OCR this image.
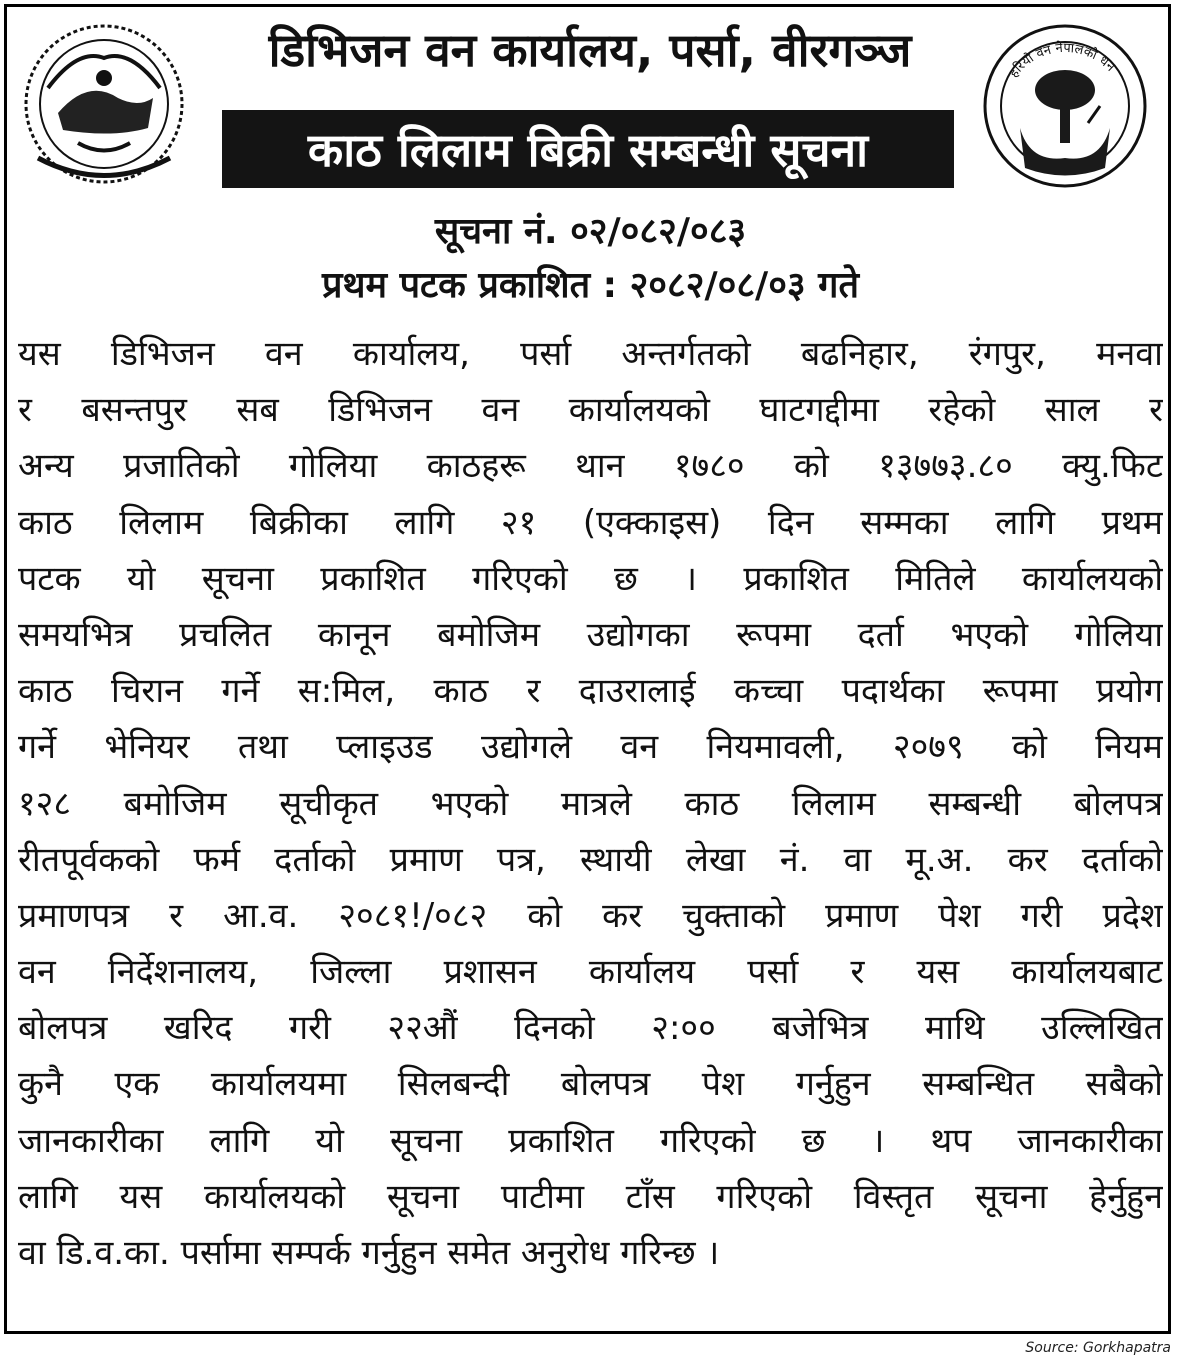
हरियो वन नेपालको धन
डिभिजन वन कार्यालय, पर्सा, वीरगञ्ज
काठ लिलाम बिक्री सम्बन्धी सूचना
सूचना नं. ०२/०८२/०८३
प्रथम पटक प्रकाशित : २०८२/०८/०३ गते
यस डिभिजन वन कार्यालय, पर्सा अन्तर्गतको बढनिहार, रंगपुर, मनवा
र बसन्तपुर सब डिभिजन वन कार्यालयको घाटगद्दीमा रहेको साल र
अन्य प्रजातिको गोलिया काठहरू थान १७८० को १३७७३.८० क्यु.फिट
काठ लिलाम बिक्रीका लागि २१ (एक्काइस) दिन सम्मका लागि प्रथम
पटक यो सूचना प्रकाशित गरिएको छ । प्रकाशित मितिले कार्यालयको
समयभित्र प्रचलित कानून बमोजिम उद्योगका रूपमा दर्ता भएको गोलिया
काठ चिरान गर्ने स:मिल, काठ र दाउरालाई कच्चा पदार्थका रूपमा प्रयोग
गर्ने भेनियर तथा प्लाइउड उद्योगले वन नियमावली, २०७९ को नियम
१२८ बमोजिम सूचीकृत भएको मात्रले काठ लिलाम सम्बन्धी बोलपत्र
रीतपूर्वकको फर्म दर्ताको प्रमाण पत्र, स्थायी लेखा नं. वा मू.अ. कर दर्ताको
प्रमाणपत्र र आ.व. २०८१!/०८२ को कर चुक्ताको प्रमाण पेश गरी प्रदेश
वन निर्देशनालय, जिल्ला प्रशासन कार्यालय पर्सा र यस कार्यालयबाट
बोलपत्र खरिद गरी २२औं दिनको २:०० बजेभित्र माथि उल्लिखित
कुनै एक कार्यालयमा सिलबन्दी बोलपत्र पेश गर्नुहुन सम्बन्धित सबैको
जानकारीका लागि यो सूचना प्रकाशित गरिएको छ । थप जानकारीका
लागि यस कार्यालयको सूचना पाटीमा टाँस गरिएको विस्तृत सूचना हेर्नुहुन
वा डि.व.का. पर्सामा सम्पर्क गर्नुहुन समेत अनुरोध गरिन्छ ।
Source: Gorkhapatra
